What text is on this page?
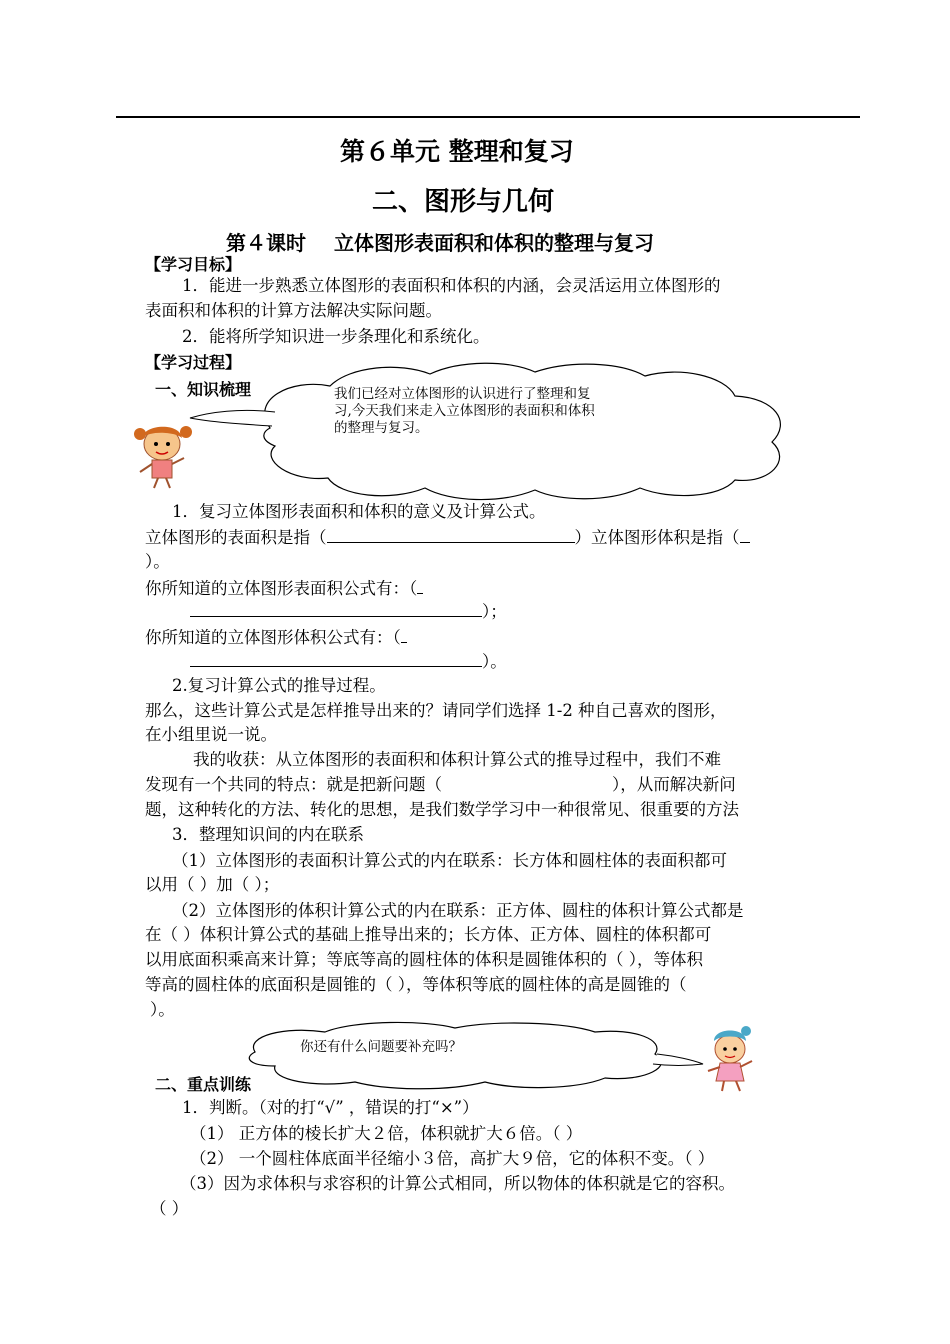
第６单元 整理和复习
二、图形与几何
第４课时 立体图形表面积和体积的整理与复习
【学习目标】
1．能进一步熟悉立体图形的表面积和体积的内涵，会灵活运用立体图形的
表面积和体积的计算方法解决实际问题。
2．能将所学知识进一步条理化和系统化。
【学习过程】
一、知识梳理	我们已经对立体图形的认识进行了整理和复
习,今天我们来走入立体图形的表面积和体积
的整理与复习。
1．复习立体图形表面积和体积的意义及计算公式。
立体图形的表面积是指（	）立体图形体积是指（
）。
你所知道的立体图形表面积公式有：（
）；
你所知道的立体图形体积公式有：（
）。
2.复习计算公式的推导过程。
那么，这些计算公式是怎样推导出来的？请同学们选择 1-2 种自己喜欢的图形，
在小组里说一说。
我的收获：从立体图形的表面积和体积计算公式的推导过程中，我们不难
发现有一个共同的特点：就是把新问题（	），从而解决新问
题，这种转化的方法、转化的思想，是我们数学学习中一种很常见、很重要的方法
3．整理知识间的内在联系
（1）立体图形的表面积计算公式的内在联系：长方体和圆柱体的表面积都可
以用（ ）加（ ）；
（2）立体图形的体积计算公式的内在联系：正方体、圆柱的体积计算公式都是
在（ ）体积计算公式的基础上推导出来的；长方体、正方体、圆柱的体积都可
以用底面积乘高来计算；等底等高的圆柱体的体积是圆锥体积的（ ），等体积
等高的圆柱体的底面积是圆锥的（ ），等体积等底的圆柱体的高是圆锥的（
）。
你还有什么问题要补充吗？
二、重点训练
1．判断。（对的打“√” ，错误的打“×”）
（1） 正方体的棱长扩大２倍，体积就扩大６倍。（ ）
（2） 一个圆柱体底面半径缩小３倍，高扩大９倍，它的体积不变。（ ）
（3）因为求体积与求容积的计算公式相同，所以物体的体积就是它的容积。
（ ）
